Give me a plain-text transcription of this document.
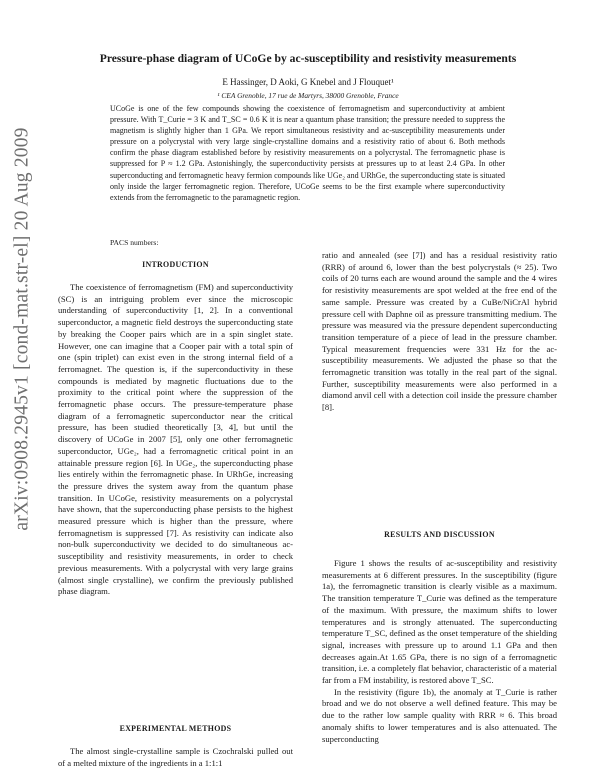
arXiv:0908.2945v1 [cond-mat.str-el] 20 Aug 2009
Pressure-phase diagram of UCoGe by ac-susceptibility and resistivity measurements
E Hassinger, D Aoki, G Knebel and J Flouquet¹
¹ CEA Grenoble, 17 rue de Martyrs, 38000 Grenoble, France
UCoGe is one of the few compounds showing the coexistence of ferromagnetism and superconductivity at ambient pressure. With T_Curie = 3 K and T_SC = 0.6 K it is near a quantum phase transition; the pressure needed to suppress the magnetism is slightly higher than 1 GPa. We report simultaneous resistivity and ac-susceptibility measurements under pressure on a polycrystal with very large single-crystalline domains and a resistivity ratio of about 6. Both methods confirm the phase diagram established before by resistivity measurements on a polycrystal. The ferromagnetic phase is suppressed for P ≈ 1.2 GPa. Astonishingly, the superconductivity persists at pressures up to at least 2.4 GPa. In other superconducting and ferromagnetic heavy fermion compounds like UGe₂ and URhGe, the superconducting state is situated only inside the larger ferromagnetic region. Therefore, UCoGe seems to be the first example where superconductivity extends from the ferromagnetic to the paramagnetic region.
PACS numbers:
INTRODUCTION

The coexistence of ferromagnetism (FM) and superconductivity (SC) is an intriguing problem ever since the microscopic understanding of superconductivity [1, 2]. In a conventional superconductor, a magnetic field destroys the superconducting state by breaking the Cooper pairs which are in a spin singlet state. However, one can imagine that a Cooper pair with a total spin of one (spin triplet) can exist even in the strong internal field of a ferromagnet. The question is, if the superconductivity in these compounds is mediated by magnetic fluctuations due to the proximity to the critical point where the suppression of the ferromagnetic phase occurs. The pressure-temperature phase diagram of a ferromagnetic superconductor near the critical pressure, has been studied theoretically [3, 4], but until the discovery of UCoGe in 2007 [5], only one other ferromagnetic superconductor, UGe₂, had a ferromagnetic critical point in an attainable pressure region [6]. In UGe₂, the superconducting phase lies entirely within the ferromagnetic phase. In URhGe, increasing the pressure drives the system away from the quantum phase transition. In UCoGe, resistivity measurements on a polycrystal have shown, that the superconducting phase persists to the highest measured pressure which is higher than the pressure, where ferromagnetism is suppressed [7]. As resistivity can indicate also non-bulk superconductivity we decided to do simultaneous ac-susceptibility and resistivity measurements, in order to check previous measurements. With a polycrystal with very large grains (almost single crystalline), we confirm the previously published phase diagram.

EXPERIMENTAL METHODS

The almost single-crystalline sample is Czochralski pulled out of a melted mixture of the ingredients in a 1:1:1

ratio and annealed (see [7]) and has a residual resistivity ratio (RRR) of around 6, lower than the best polycrystals (≈ 25). Two coils of 20 turns each are wound around the sample and the 4 wires for resistivity measurements are spot welded at the free end of the same sample. Pressure was created by a CuBe/NiCrAl hybrid pressure cell with Daphne oil as pressure transmitting medium. The pressure was measured via the pressure dependent superconducting transition temperature of a piece of lead in the pressure chamber. Typical measurement frequencies were 331 Hz for the ac-susceptibility measurements. We adjusted the phase so that the ferromagnetic transition was totally in the real part of the signal. Further, susceptibility measurements were also performed in a diamond anvil cell with a detection coil inside the pressure chamber [8].

RESULTS AND DISCUSSION

Figure 1 shows the results of ac-susceptibility and resistivity measurements at 6 different pressures. In the susceptibility (figure 1a), the ferromagnetic transition is clearly visible as a maximum. The transition temperature T_Curie was defined as the temperature of the maximum. With pressure, the maximum shifts to lower temperatures and is strongly attenuated. The superconducting temperature T_SC, defined as the onset temperature of the shielding signal, increases with pressure up to around 1.1 GPa and then decreases again.At 1.65 GPa, there is no sign of a ferromagnetic transition, i.e. a completely flat behavior, characteristic of a material far from a FM instability, is restored above T_SC.

In the resistivity (figure 1b), the anomaly at T_Curie is rather broad and we do not observe a well defined feature. This may be due to the rather low sample quality with RRR ≈ 6. This broad anomaly shifts to lower temperatures and is also attenuated. The superconducting
